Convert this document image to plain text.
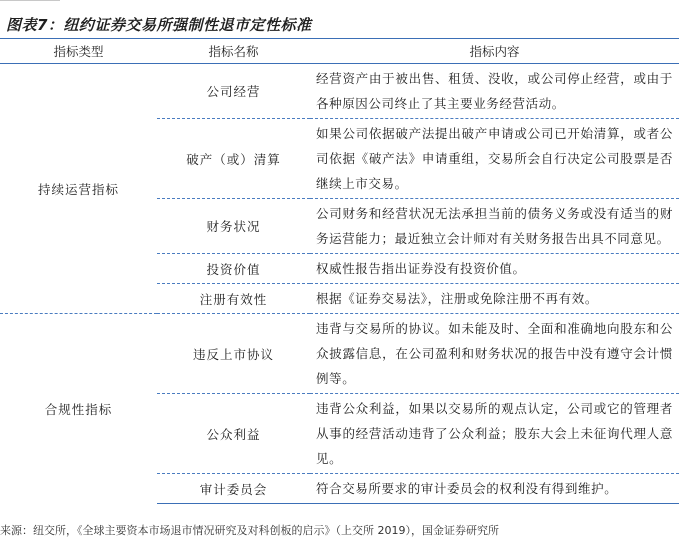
图表7：纽约证券交易所强制性退市定性标准
指标类型	指标名称	指标内容
持续运营指标	公司经营	经营资产由于被出售、租赁、没收，或公司停止经营，或由于各种原因公司终止了其主要业务经营活动。
	破产（或）清算	如果公司依据破产法提出破产申请或公司已开始清算，或者公司依据《破产法》申请重组，交易所会自行决定公司股票是否继续上市交易。
	财务状况	公司财务和经营状况无法承担当前的债务义务或没有适当的财务运营能力；最近独立会计师对有关财务报告出具不同意见。
	投资价值	权威性报告指出证券没有投资价值。
	注册有效性	根据《证券交易法》，注册或免除注册不再有效。
合规性指标	违反上市协议	违背与交易所的协议。如未能及时、全面和准确地向股东和公众披露信息，在公司盈利和财务状况的报告中没有遵守会计惯例等。
	公众利益	违背公众利益，如果以交易所的观点认定，公司或它的管理者从事的经营活动违背了公众利益；股东大会上未征询代理人意见。
	审计委员会	符合交易所要求的审计委员会的权利没有得到维护。
来源：纽交所，《全球主要资本市场退市情况研究及对科创板的启示》（上交所 2019），国金证券研究所
